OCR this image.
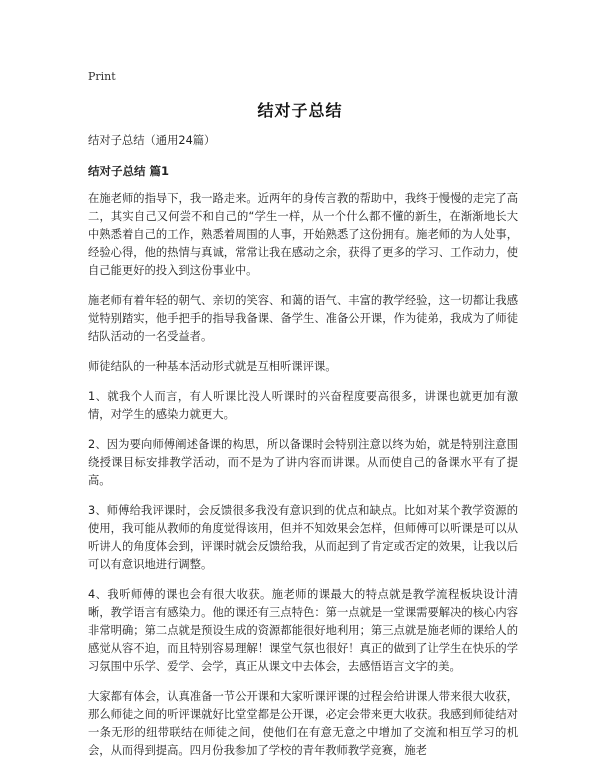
Print
结对子总结

结对子总结（通用24篇）

结对子总结 篇1

在施老师的指导下，我一路走来。近两年的身传言教的帮助中，我终于慢慢的走完了高二，其实自己又何尝不和自己的“学生一样，从一个什么都不懂的新生，在渐渐地长大中熟悉着自己的工作，熟悉着周围的人事，开始熟悉了这份拥有。施老师的为人处事，经验心得，他的热情与真诚，常常让我在感动之余，获得了更多的学习、工作动力，使自己能更好的投入到这份事业中。

施老师有着年轻的朝气、亲切的笑容、和蔼的语气、丰富的教学经验，这一切都让我感觉特别踏实，他手把手的指导我备课、备学生、准备公开课，作为徒弟，我成为了师徒结队活动的一名受益者。

师徒结队的一种基本活动形式就是互相听课评课。

1、就我个人而言，有人听课比没人听课时的兴奋程度要高很多，讲课也就更加有激情，对学生的感染力就更大。

2、因为要向师傅阐述备课的构思，所以备课时会特别注意以终为始，就是特别注意围绕授课目标安排教学活动，而不是为了讲内容而讲课。从而使自己的备课水平有了提高。

3、师傅给我评课时，会反馈很多我没有意识到的优点和缺点。比如对某个教学资源的使用，我可能从教师的角度觉得该用，但并不知效果会怎样，但师傅可以听课是可以从听讲人的角度体会到，评课时就会反馈给我，从而起到了肯定或否定的效果，让我以后可以有意识地进行调整。

4、我听师傅的课也会有很大收获。施老师的课最大的特点就是教学流程板块设计清晰，教学语言有感染力。他的课还有三点特色：第一点就是一堂课需要解决的核心内容非常明确；第二点就是预设生成的资源都能很好地利用；第三点就是施老师的课给人的感觉从容不迫，而且特别容易理解！课堂气氛也很好！真正的做到了让学生在快乐的学习氛围中乐学、爱学、会学，真正从课文中去体会，去感悟语言文字的美。

大家都有体会，认真准备一节公开课和大家听课评课的过程会给讲课人带来很大收获，那么师徒之间的听评课就好比堂堂都是公开课，必定会带来更大收获。我感到师徒结对一条无形的纽带联结在师徒之间，使他们在有意无意之中增加了交流和相互学习的机会，从而得到提高。四月份我参加了学校的青年教师教学竞赛，施老
